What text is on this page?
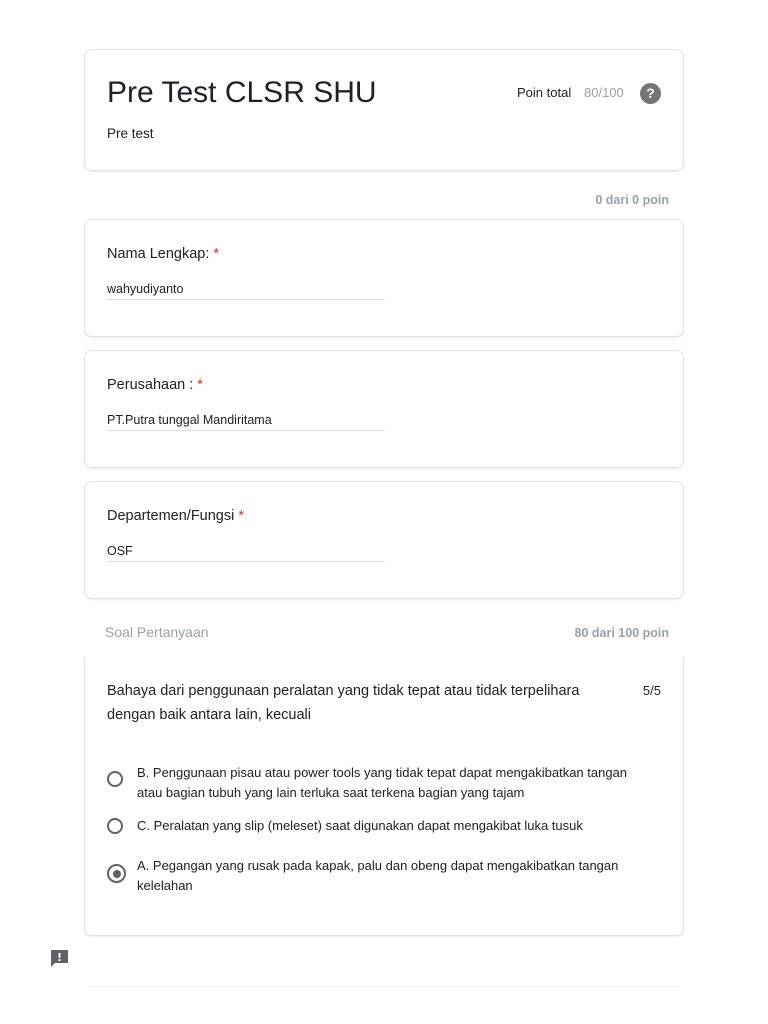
Pre Test CLSR SHU
Pre test
Poin total 80/100	?
0 dari 0 poin
Nama Lengkap: *
wahyudiyanto
Perusahaan : *
PT.Putra tunggal Mandiritama
Departemen/Fungsi *
OSF
Soal Pertanyaan	80 dari 100 poin
Bahaya dari penggunaan peralatan yang tidak tepat atau tidak terpelihara dengan baik antara lain, kecuali
5/5
B. Penggunaan pisau atau power tools yang tidak tepat dapat mengakibatkan tangan atau bagian tubuh yang lain terluka saat terkena bagian yang tajam
C. Peralatan yang slip (meleset) saat digunakan dapat mengakibat luka tusuk
A. Pegangan yang rusak pada kapak, palu dan obeng dapat mengakibatkan tangan kelelahan
